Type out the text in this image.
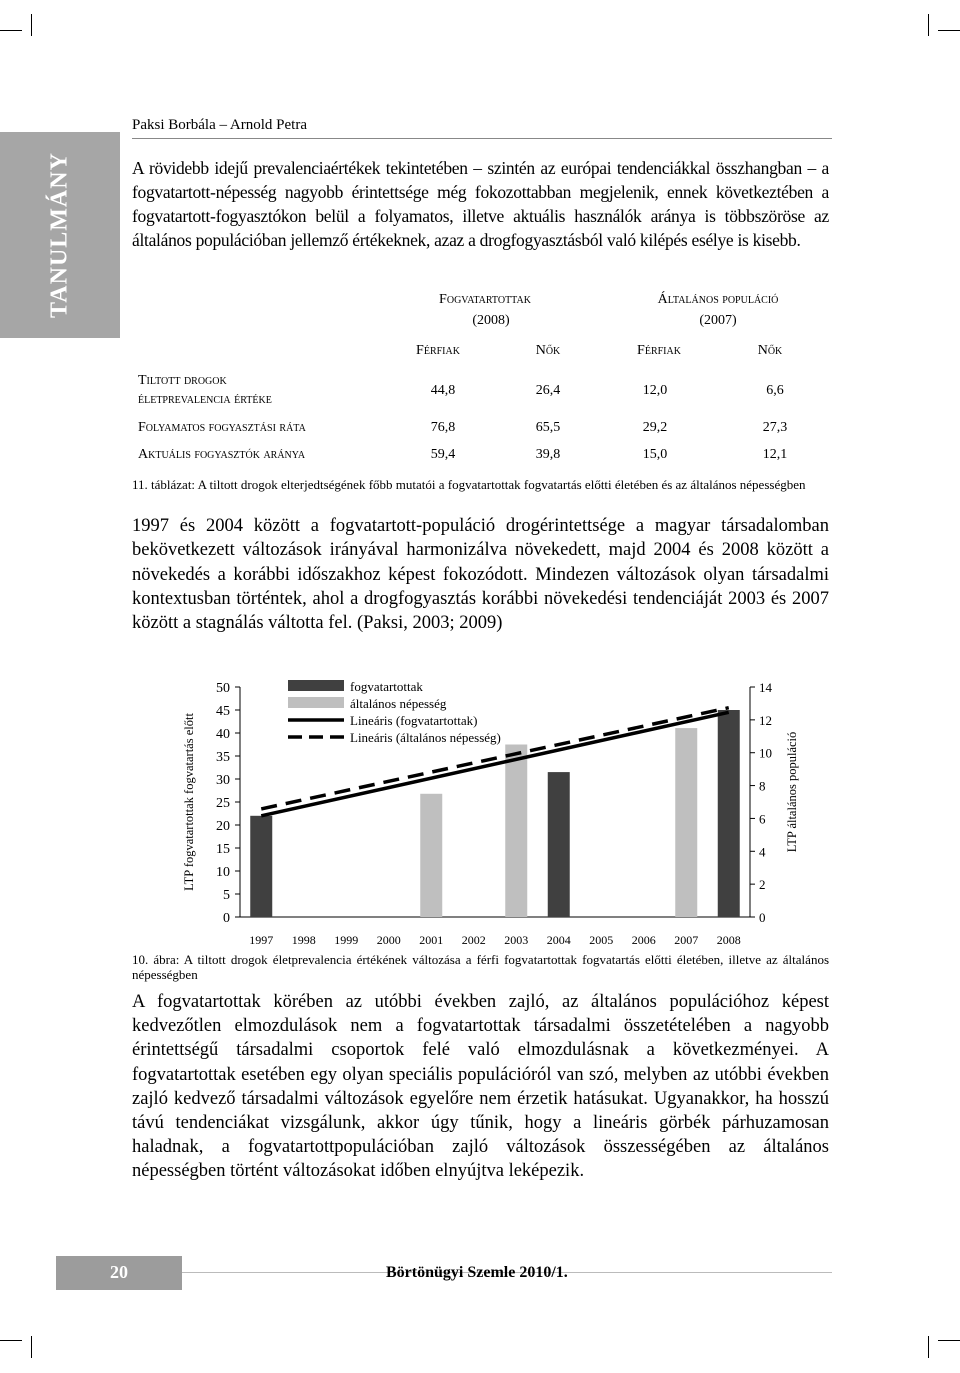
Paksi Borbála – Arnold Petra
TANULMÁNY	A rövidebb idejű prevalenciaértékek tekintetében – szintén az európai tendenciákkal összhangban – a fogvatartott-népesség nagyobb érintettsége még fokozottabban megjelenik, ennek következtében a fogvatartott-fogyasztókon belül a folyamatos, illetve aktuális használók aránya is többszöröse az általános populációban jellemző értékeknek, azaz a drogfogyasztásból való kilépés esélye is kisebb.
Fogvatartottak
(2008)
Általános populáció
(2007)
Férfiak	Nők	Férfiak	Nők
Tiltott drogok
életprevalencia értéke
44,8	26,4	12,0	6,6
Folyamatos fogyasztási ráta	76,8	65,5	29,2	27,3
Aktuális fogyasztók aránya	59,4	39,8	15,0	12,1
11. táblázat: A tiltott drogok elterjedtségének főbb mutatói a fogvatartottak fogvatartás előtti életében és az általános népességben
1997 és 2004 között a fogvatartott-populáció drogérintettsége a magyar társadalomban bekövetkezett változások irányával harmonizálva növekedett, majd 2004 és 2008 között a növekedés a korábbi időszakhoz képest fokozódott. Mindezen változások olyan társadalmi kontextusban történtek, ahol a drogfogyasztás korábbi növekedési tendenciáját 2003 és 2007 között a stagnálás váltotta fel. (Paksi, 2003; 2009)
0
5
10
15
20
25
30
35
40
45
50
0
2
4
6
8
10
12
14
1997 1998 1999 2000 2001 2002 2003 2004 2005 2006 2007 2008
LTP fogvatartottak fogvatartás előtt	LTP általános populáció
fogvatartottak
általános népesség
Lineáris (fogvatartottak)
Lineáris (általános népesség)
10. ábra: A tiltott drogok életprevalencia értékének változása a férfi fogvatartottak fogvatartás előtti életében, illetve az általános népességben
A fogvatartottak körében az utóbbi években zajló, az általános populációhoz képest kedvezőtlen elmozdulások nem a fogvatartottak társadalmi összetételében a nagyobb érintettségű társadalmi csoportok felé való elmozdulásnak a következményei. A fogvatartottak esetében egy olyan speciális populációról van szó, melyben az utóbbi években zajló kedvező társadalmi változások egyelőre nem érzetik hatásukat. Ugyanakkor, ha hosszú távú tendenciákat vizsgálunk, akkor úgy tűnik, hogy a lineáris görbék párhuzamosan haladnak, a fogvatartottpopulációban zajló változások összességében az általános népességben történt változásokat időben elnyújtva leképezik.
20	Börtönügyi Szemle 2010/1.
